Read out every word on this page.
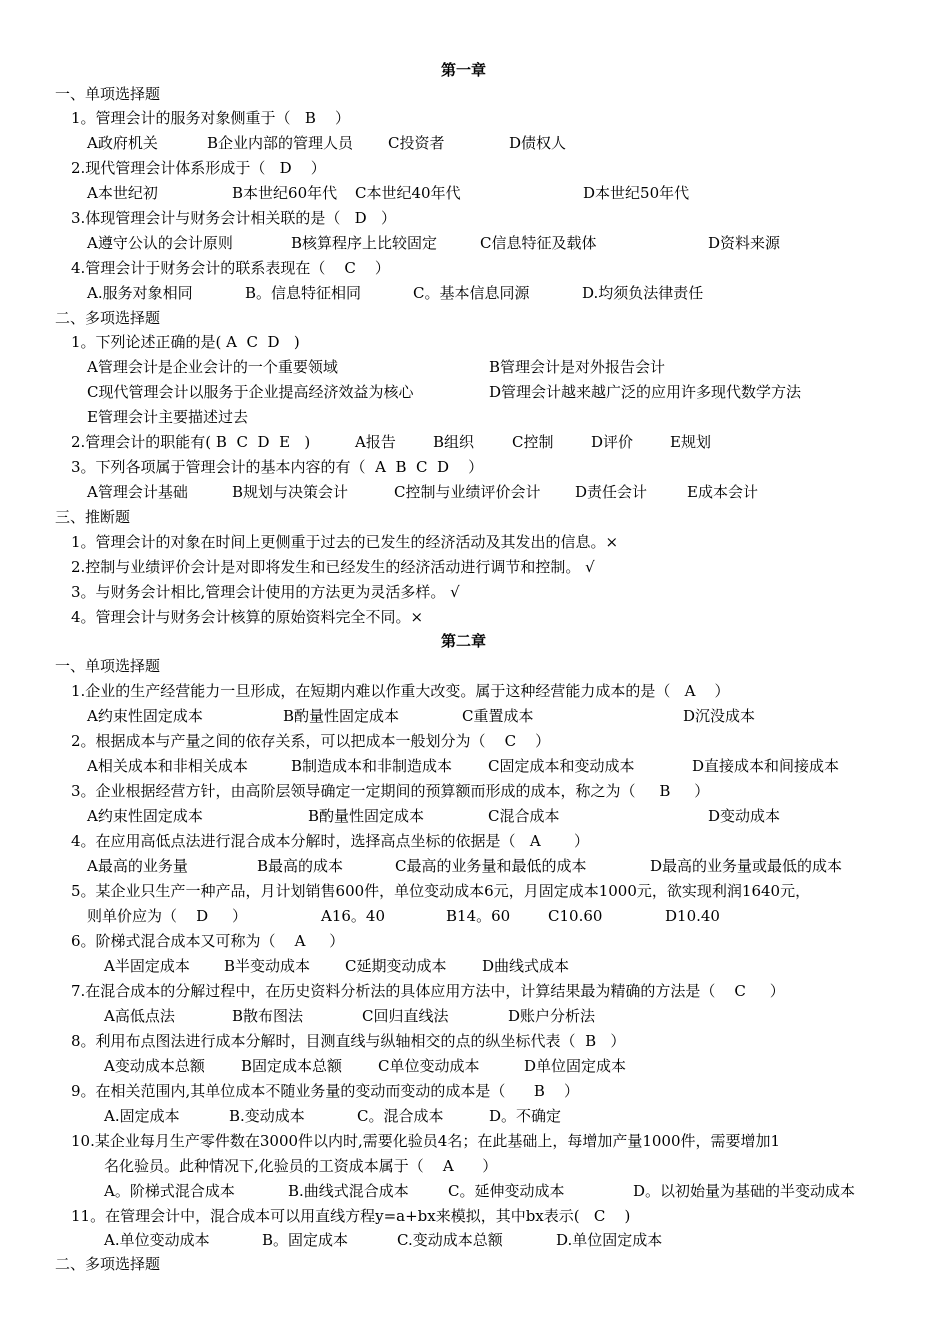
第一章
一、单项选择题
1。管理会计的服务对象侧重于（   B    ）
A政府机关	B企业内部的管理人员 C投资者	D债权人
2.现代管理会计体系形成于（   D    ）
A本世纪初	B本世纪60年代 C本世纪40年代	D本世纪50年代
3.体现管理会计与财务会计相关联的是（   D   ）
A遵守公认的会计原则	B核算程序上比较固定	C信息特征及载体	D资料来源
4.管理会计于财务会计的联系表现在（    C    ）
A.服务对象相同	B。信息特征相同	C。基本信息同源	D.均须负法律责任
二、多项选择题
1。下列论述正确的是( A  C  D   )
A管理会计是企业会计的一个重要领域	B管理会计是对外报告会计
C现代管理会计以服务于企业提高经济效益为核心	D管理会计越来越广泛的应用许多现代数学方法
E管理会计主要描述过去
2.管理会计的职能有( B  C  D  E   )	A报告 B组织	C控制	D评价 E规划
3。下列各项属于管理会计的基本内容的有（  A  B  C  D    ）
A管理会计基础	B规划与决策会计	C控制与业绩评价会计 D责任会计	E成本会计
三、推断题
1。管理会计的对象在时间上更侧重于过去的已发生的经济活动及其发出的信息。×
2.控制与业绩评价会计是对即将发生和已经发生的经济活动进行调节和控制。 √
3。与财务会计相比,管理会计使用的方法更为灵活多样。 √
4。管理会计与财务会计核算的原始资料完全不同。×
第二章
一、单项选择题
1.企业的生产经营能力一旦形成，在短期内难以作重大改变。属于这种经营能力成本的是（   A    ）
A约束性固定成本	B酌量性固定成本	C重置成本	D沉没成本
2。根据成本与产量之间的依存关系，可以把成本一般划分为（    C    ）
A相关成本和非相关成本	B制造成本和非制造成本 C固定成本和变动成本	D直接成本和间接成本
3。企业根据经营方针，由高阶层领导确定一定期间的预算额而形成的成本，称之为（     B     ）
A约束性固定成本	B酌量性固定成本	C混合成本	D变动成本
4。在应用高低点法进行混合成本分解时，选择高点坐标的依据是（   A       ）
A最高的业务量	B最高的成本	C最高的业务量和最低的成本	D最高的业务量或最低的成本
5。某企业只生产一种产品，月计划销售600件，单位变动成本6元，月固定成本1000元，欲实现利润1640元，
则单价应为（    D     ）	A16。40	B14。60	C10.60	D10.40
6。阶梯式混合成本又可称为（    A     ）
A半固定成本 B半变动成本 C延期变动成本 D曲线式成本
7.在混合成本的分解过程中，在历史资料分析法的具体应用方法中，计算结果最为精确的方法是（    C     ）
A高低点法	B散布图法	C回归直线法	D账户分析法
8。利用布点图法进行成本分解时，目测直线与纵轴相交的点的纵坐标代表（  B   ）
A变动成本总额 B固定成本总额 C单位变动成本	D单位固定成本
9。在相关范围内,其单位成本不随业务量的变动而变动的成本是（      B    ）
A.固定成本	B.变动成本	C。混合成本	D。不确定
10.某企业每月生产零件数在3000件以内时,需要化验员4名；在此基础上，每增加产量1000件，需要增加1
名化验员。此种情况下,化验员的工资成本属于（    A      ）
A。阶梯式混合成本	B.曲线式混合成本	C。延伸变动成本	D。以初始量为基础的半变动成本
11。在管理会计中，混合成本可以用直线方程y=a+bx来模拟，其中bx表示(   C    )
A.单位变动成本	B。固定成本	C.变动成本总额	D.单位固定成本
二、多项选择题
